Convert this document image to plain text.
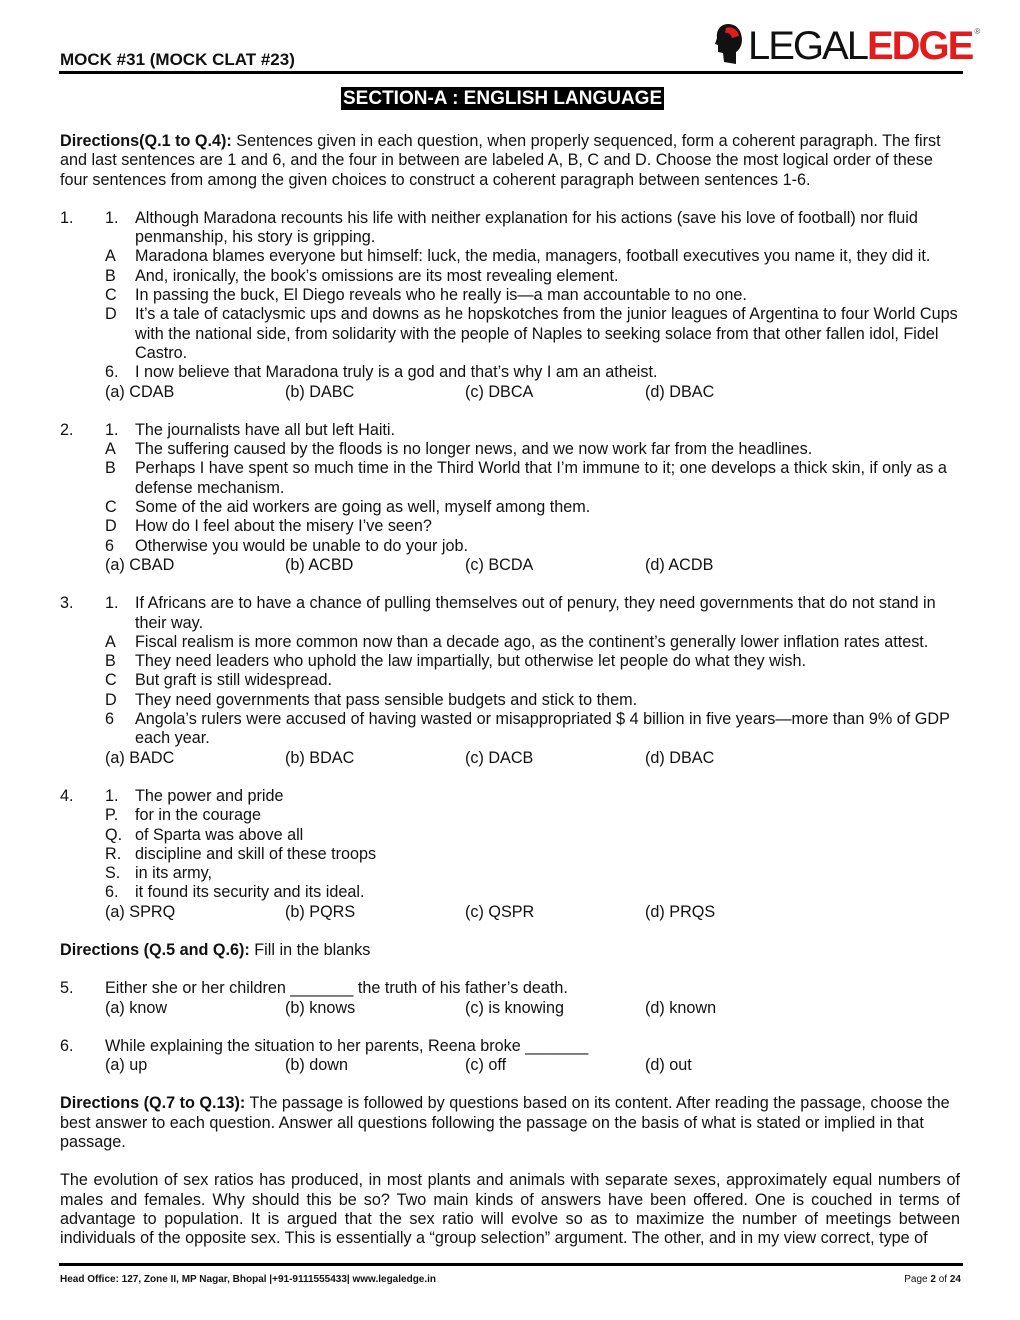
MOCK #31 (MOCK CLAT #23)	LEGAL EDGE ®
SECTION-A : ENGLISH LANGUAGE
Directions(Q.1 to Q.4): Sentences given in each question, when properly sequenced, form a coherent paragraph. The first and last sentences are 1 and 6, and the four in between are labeled A, B, C and D. Choose the most logical order of these four sentences from among the given choices to construct a coherent paragraph between sentences 1-6.
1. 1.	Although Maradona recounts his life with neither explanation for his actions (save his love of football) nor fluid penmanship, his story is gripping.
A	Maradona blames everyone but himself: luck, the media, managers, football executives you name it, they did it.
B	And, ironically, the book’s omissions are its most revealing element.
C	In passing the buck, El Diego reveals who he really is—a man accountable to no one.
D	It’s a tale of cataclysmic ups and downs as he hopskotches from the junior leagues of Argentina to four World Cups with the national side, from solidarity with the people of Naples to seeking solace from that other fallen idol, Fidel Castro.
6.	I now believe that Maradona truly is a god and that’s why I am an atheist.
(a) CDAB	(b) DABC	(c) DBCA	(d) DBAC
2. 1.	The journalists have all but left Haiti.
A	The suffering caused by the floods is no longer news, and we now work far from the headlines.
B	Perhaps I have spent so much time in the Third World that I’m immune to it; one develops a thick skin, if only as a defense mechanism.
C	Some of the aid workers are going as well, myself among them.
D	How do I feel about the misery I’ve seen?
6	Otherwise you would be unable to do your job.
(a) CBAD	(b) ACBD	(c) BCDA	(d) ACDB
3. 1.	If Africans are to have a chance of pulling themselves out of penury, they need governments that do not stand in their way.
A	Fiscal realism is more common now than a decade ago, as the continent’s generally lower inflation rates attest.
B	They need leaders who uphold the law impartially, but otherwise let people do what they wish.
C	But graft is still widespread.
D	They need governments that pass sensible budgets and stick to them.
6	Angola’s rulers were accused of having wasted or misappropriated $ 4 billion in five years—more than 9% of GDP each year.
(a) BADC	(b) BDAC	(c) DACB	(d) DBAC
4. 1.	The power and pride
P.	for in the courage
Q. of Sparta was above all
R. discipline and skill of these troops
S. in its army,
6.	it found its security and its ideal.
(a) SPRQ	(b) PQRS	(c) QSPR	(d) PRQS
Directions (Q.5 and Q.6): Fill in the blanks
5.	Either she or her children _______ the truth of his father’s death.
(a) know	(b) knows	(c) is knowing	(d) known
6.	While explaining the situation to her parents, Reena broke _______
(a) up	(b) down	(c) off	(d) out
Directions (Q.7 to Q.13): The passage is followed by questions based on its content. After reading the passage, choose the best answer to each question. Answer all questions following the passage on the basis of what is stated or implied in that passage.
The evolution of sex ratios has produced, in most plants and animals with separate sexes, approximately equal numbers of males and females. Why should this be so? Two main kinds of answers have been offered. One is couched in terms of advantage to population. It is argued that the sex ratio will evolve so as to maximize the number of meetings between individuals of the opposite sex. This is essentially a “group selection” argument. The other, and in my view correct, type of
Head Office: 127, Zone II, MP Nagar, Bhopal |+91-9111555433| www.legaledge.in	Page 2 of 24
